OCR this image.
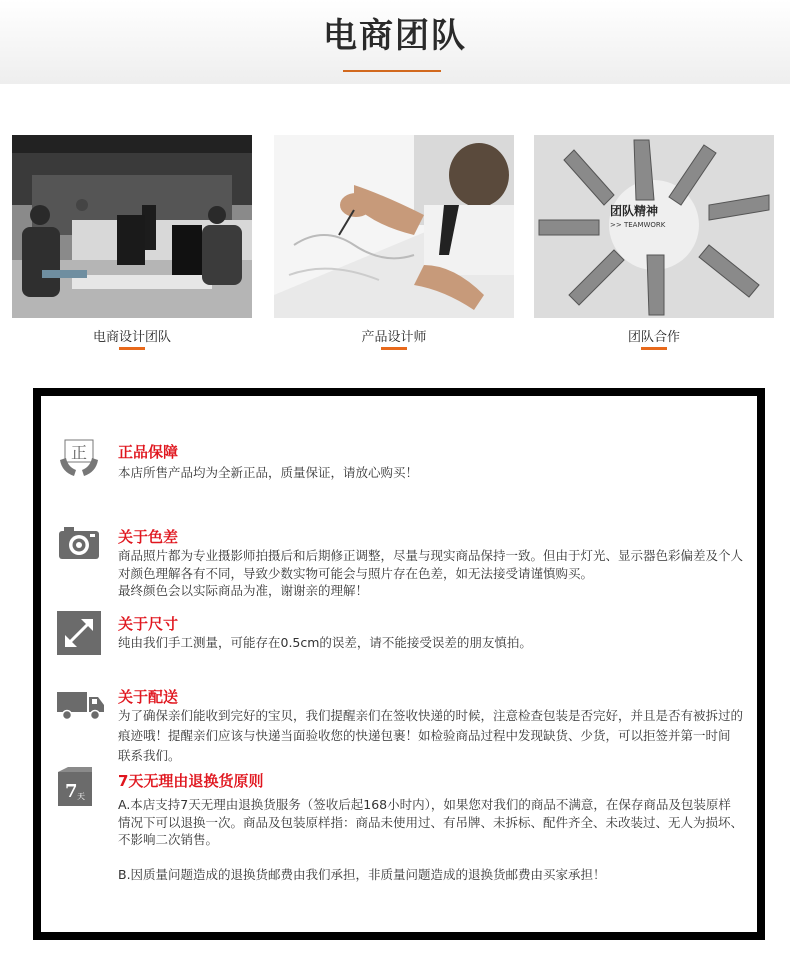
电商团队
电商设计团队	产品设计师
团队精神
>> TEAMWORK
团队合作
正 正品保障
本店所售产品均为全新正品，质量保证，请放心购买！
关于色差
商品照片都为专业摄影师拍摄后和后期修正调整，尽量与现实商品保持一致。但由于灯光、显示器色彩偏差及个人
对颜色理解各有不同，导致少数实物可能会与照片存在色差，如无法接受请谨慎购买。
最终颜色会以实际商品为准，谢谢亲的理解！
关于尺寸
纯由我们手工测量，可能存在0.5cm的误差，请不能接受误差的朋友慎拍。
关于配送
为了确保亲们能收到完好的宝贝，我们提醒亲们在签收快递的时候，注意检查包装是否完好，并且是否有被拆过的
痕迹哦！提醒亲们应该与快递当面验收您的快递包裹！如检验商品过程中发现缺货、少货，可以拒签并第一时间
联系我们。
7 天
7天无理由退换货原则
A.本店支持7天无理由退换货服务（签收后起168小时内），如果您对我们的商品不满意，在保存商品及包装原样
情况下可以退换一次。商品及包装原样指：商品未使用过、有吊牌、未拆标、配件齐全、未改装过、无人为损坏、
不影响二次销售。
B.因质量问题造成的退换货邮费由我们承担，非质量问题造成的退换货邮费由买家承担！
